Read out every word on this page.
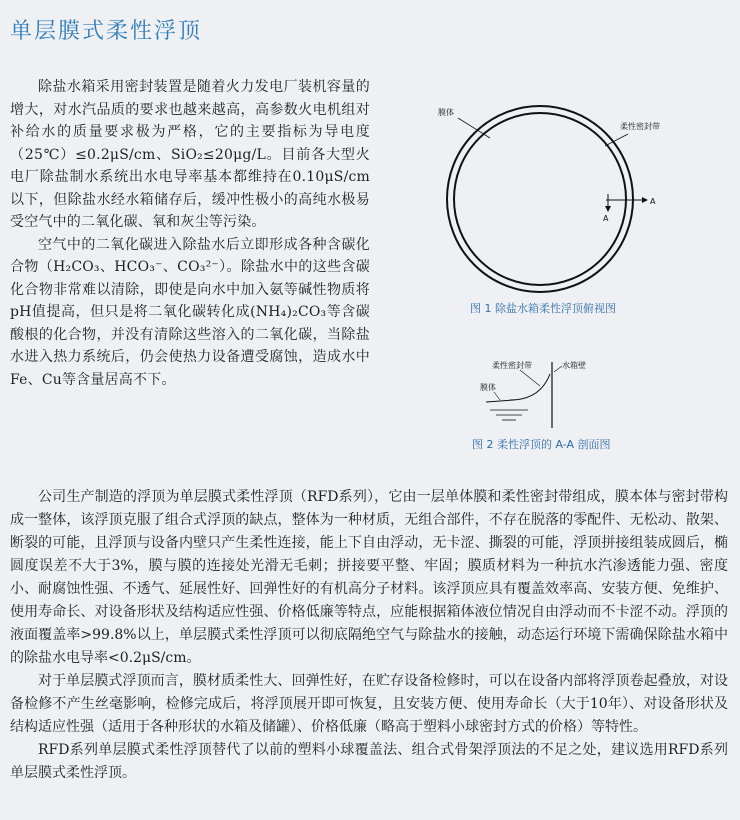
单层膜式柔性浮顶

除盐水箱采用密封装置是随着火力发电厂装机容量的增大，对水汽品质的要求也越来越高，高参数火电机组对补给水的质量要求极为严格，它的主要指标为导电度（25℃）≤0.2μS/cm、SiO₂≤20μg/L。目前各大型火电厂除盐制水系统出水电导率基本都维持在0.10μS/cm以下，但除盐水经水箱储存后，缓冲性极小的高纯水极易受空气中的二氧化碳、氧和灰尘等污染。

空气中的二氧化碳进入除盐水后立即形成各种含碳化合物（H₂CO₃、HCO₃⁻、CO₃²⁻）。除盐水中的这些含碳化合物非常难以清除，即使是向水中加入氨等碱性物质将pH值提高，但只是将二氧化碳转化成(NH₄)₂CO₃等含碳酸根的化合物，并没有清除这些溶入的二氧化碳，当除盐水进入热力系统后，仍会使热力设备遭受腐蚀，造成水中Fe、Cu等含量居高不下。

膜体
柔性密封带
A
A
图 1 除盐水箱柔性浮顶俯视图
柔性密封带	水箱壁
膜体
图 2 柔性浮顶的 A-A 剖面图

公司生产制造的浮顶为单层膜式柔性浮顶（RFD系列），它由一层单体膜和柔性密封带组成，膜本体与密封带构成一整体，该浮顶克服了组合式浮顶的缺点，整体为一种材质，无组合部件，不存在脱落的零配件、无松动、散架、断裂的可能，且浮顶与设备内壁只产生柔性连接，能上下自由浮动，无卡涩、撕裂的可能，浮顶拼接组装成圆后，椭圆度误差不大于3%，膜与膜的连接处光滑无毛刺；拼接要平整、牢固；膜质材料为一种抗水汽渗透能力强、密度小、耐腐蚀性强、不透气、延展性好、回弹性好的有机高分子材料。该浮顶应具有覆盖效率高、安装方便、免维护、使用寿命长、对设备形状及结构适应性强、价格低廉等特点，应能根据箱体液位情况自由浮动而不卡涩不动。浮顶的液面覆盖率>99.8%以上，单层膜式柔性浮顶可以彻底隔绝空气与除盐水的接触，动态运行环境下需确保除盐水箱中的除盐水电导率<0.2μS/cm。

对于单层膜式浮顶而言，膜材质柔性大、回弹性好，在贮存设备检修时，可以在设备内部将浮顶卷起叠放，对设备检修不产生丝毫影响，检修完成后，将浮顶展开即可恢复，且安装方便、使用寿命长（大于10年）、对设备形状及结构适应性强（适用于各种形状的水箱及储罐）、价格低廉（略高于塑料小球密封方式的价格）等特性。

RFD系列单层膜式柔性浮顶替代了以前的塑料小球覆盖法、组合式骨架浮顶法的不足之处，建议选用RFD系列单层膜式柔性浮顶。
